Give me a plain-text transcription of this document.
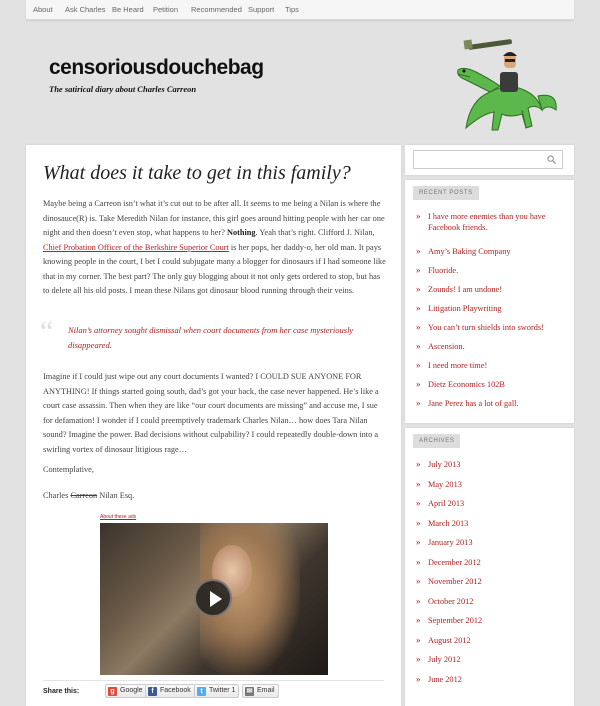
About Ask Charles Be Heard Petition Recommended Support Tips
censoriousdouchebag
The satirical diary about Charles Carreon
What does it take to get in this family?
Maybe being a Carreon isn’t what it’s cut out to be after all. It seems to me being a Nilan is where the dinosauce(R) is. Take Meredith Nilan for instance, this girl goes around hitting people with her car one night and then doesn’t even stop, what happens to her? Nothing. Yeah that’s right. Clifford J. Nilan, Chief Probation Officer of the Berkshire Superior Court is her pops, her daddy-o, her old man. It pays knowing people in the court, I bet I could subjugate many a blogger for dinosaurs if I had someone like that in my corner. The best part? The only guy blogging about it not only gets ordered to stop, but has to delete all his old posts. I mean these Nilans got dinosaur blood running through their veins.
“ Nilan’s attorney sought dismissal when court documents from her case mysteriously disappeared.
Imagine if I could just wipe out any court documents I wanted? I COULD SUE ANYONE FOR ANYTHING! If things started going south, dad’s got your back, the case never happened. He’s like a court case assassin. Then when they are like “our court documents are missing” and accuse me, I sue for defamation! I wonder if I could preemptively trademark Charles Nilan… how does Tara Nilan sound? Imagine the power. Bad decisions without culpability? I could repeatedly double-down into a swirling vortex of dinosaur litigious rage…
Contemplative,
Charles Carreon Nilan Esq.
About these ads
Share this:	g Google	f Facebook	t Twitter 1	✉ Email
RECENT POSTS
» I have more enemies than you have Facebook friends.
» Amy’s Baking Company
» Fluoride.
» Zounds! I am undone!
» Litigation Playwriting
» You can’t turn shields into swords!
» Ascension.
» I need more time!
» Dietz Economics 102B
» Jane Perez has a lot of gall.
ARCHIVES
» July 2013
» May 2013
» April 2013
» March 2013
» January 2013
» December 2012
» November 2012
» October 2012
» September 2012
» August 2012
» July 2012
» June 2012
